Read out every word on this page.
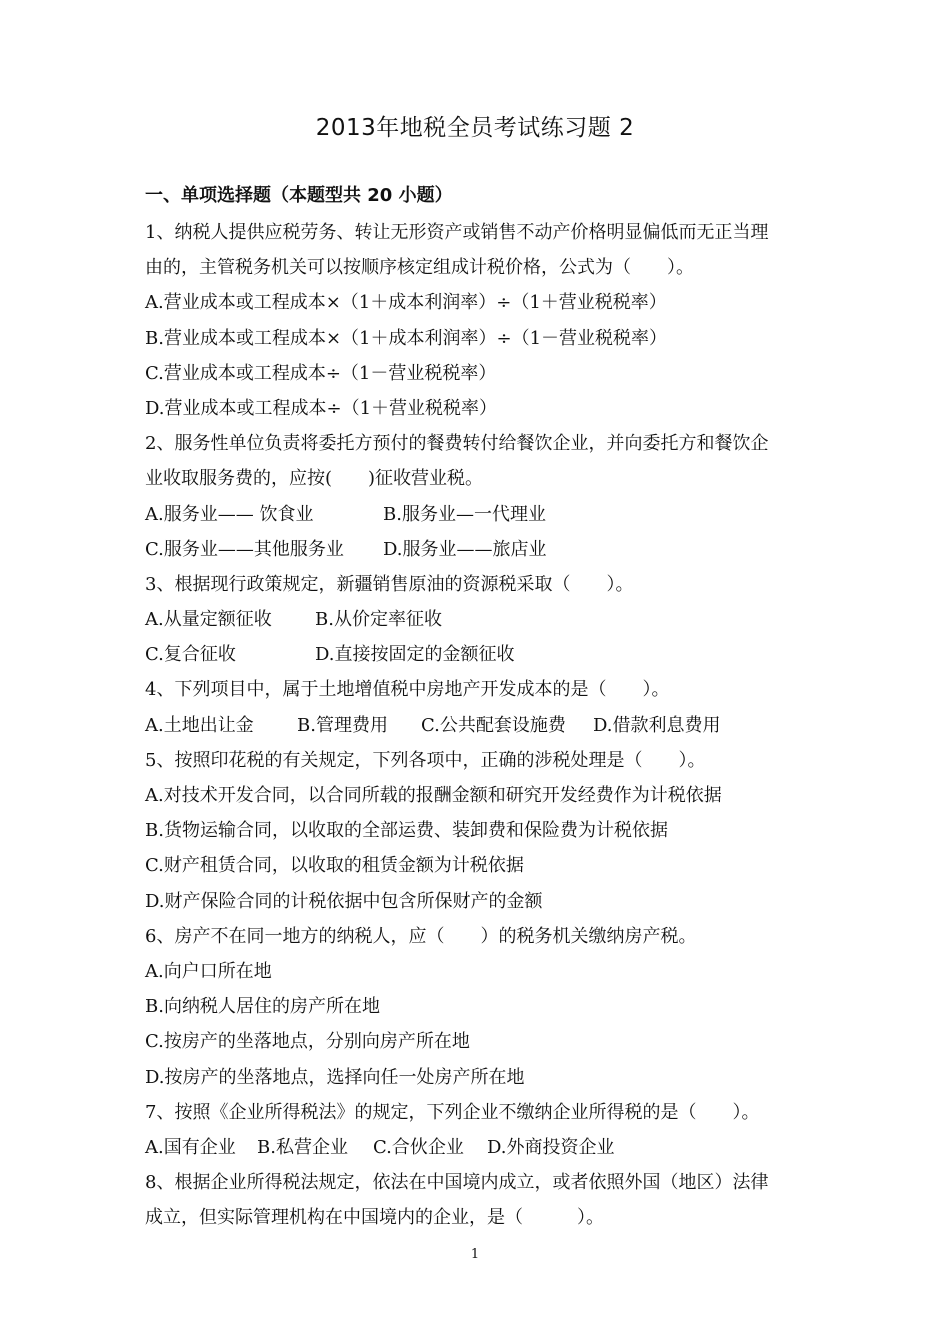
2013年地税全员考试练习题 2
一、单项选择题（本题型共 20 小题）
1、纳税人提供应税劳务、转让无形资产或销售不动产价格明显偏低而无正当理
由的，主管税务机关可以按顺序核定组成计税价格，公式为（　　）。
A.营业成本或工程成本×（1＋成本利润率）÷（1＋营业税税率）
B.营业成本或工程成本×（1＋成本利润率）÷（1－营业税税率）
C.营业成本或工程成本÷（1－营业税税率）
D.营业成本或工程成本÷（1＋营业税税率）
2、服务性单位负责将委托方预付的餐费转付给餐饮企业，并向委托方和餐饮企
业收取服务费的，应按(　　)征收营业税。
A.服务业—— 饮食业	B.服务业—一代理业
C.服务业——其他服务业 D.服务业——旅店业
3、根据现行政策规定，新疆销售原油的资源税采取（　　）。
A.从量定额征收 B.从价定率征收
C.复合征收	D.直接按固定的金额征收
4、下列项目中，属于土地增值税中房地产开发成本的是（　　）。
A.土地出让金 B.管理费用 C.公共配套设施费 D.借款利息费用
5、按照印花税的有关规定，下列各项中，正确的涉税处理是（　　）。
A.对技术开发合同，以合同所载的报酬金额和研究开发经费作为计税依据
B.货物运输合同，以收取的全部运费、装卸费和保险费为计税依据
C.财产租赁合同，以收取的租赁金额为计税依据
D.财产保险合同的计税依据中包含所保财产的金额
6、房产不在同一地方的纳税人，应（　　）的税务机关缴纳房产税。
A.向户口所在地
B.向纳税人居住的房产所在地
C.按房产的坐落地点，分别向房产所在地
D.按房产的坐落地点，选择向任一处房产所在地
7、按照《企业所得税法》的规定，下列企业不缴纳企业所得税的是（　　）。
A.国有企业 B.私营企业 C.合伙企业 D.外商投资企业
8、根据企业所得税法规定，依法在中国境内成立，或者依照外国（地区）法律
成立，但实际管理机构在中国境内的企业，是（　　　）。
1
